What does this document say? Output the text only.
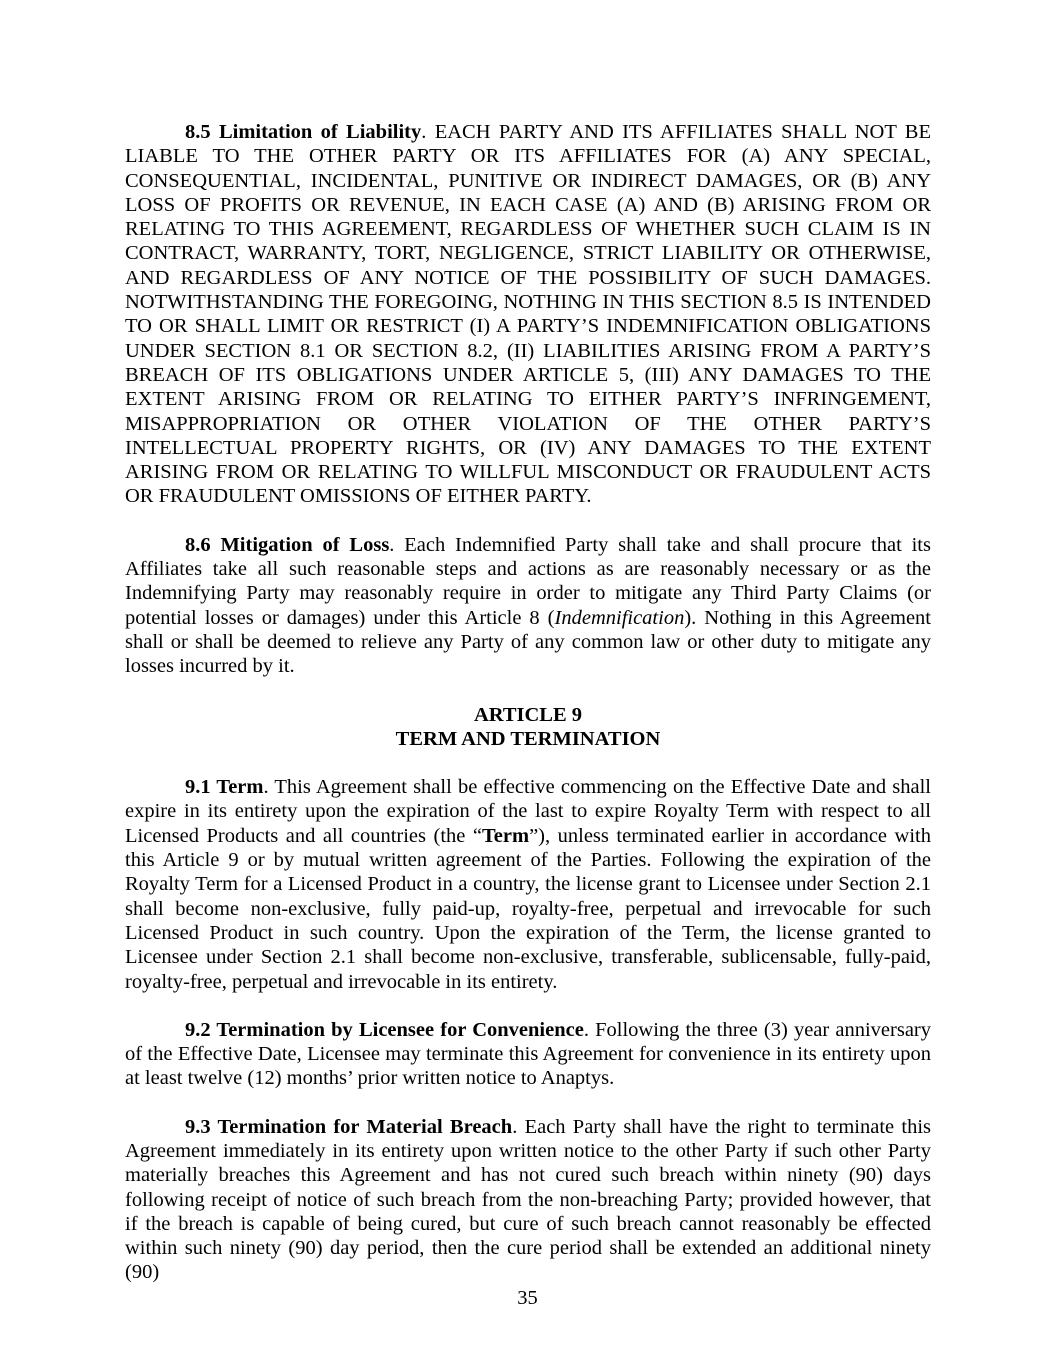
8.5 Limitation of Liability. EACH PARTY AND ITS AFFILIATES SHALL NOT BE LIABLE TO THE OTHER PARTY OR ITS AFFILIATES FOR (A) ANY SPECIAL, CONSEQUENTIAL, INCIDENTAL, PUNITIVE OR INDIRECT DAMAGES, OR (B) ANY LOSS OF PROFITS OR REVENUE, IN EACH CASE (A) AND (B) ARISING FROM OR RELATING TO THIS AGREEMENT, REGARDLESS OF WHETHER SUCH CLAIM IS IN CONTRACT, WARRANTY, TORT, NEGLIGENCE, STRICT LIABILITY OR OTHERWISE, AND REGARDLESS OF ANY NOTICE OF THE POSSIBILITY OF SUCH DAMAGES. NOTWITHSTANDING THE FOREGOING, NOTHING IN THIS SECTION 8.5 IS INTENDED TO OR SHALL LIMIT OR RESTRICT (I) A PARTY’S INDEMNIFICATION OBLIGATIONS UNDER SECTION 8.1 OR SECTION 8.2, (II) LIABILITIES ARISING FROM A PARTY’S BREACH OF ITS OBLIGATIONS UNDER ARTICLE 5, (III) ANY DAMAGES TO THE EXTENT ARISING FROM OR RELATING TO EITHER PARTY’S INFRINGEMENT, MISAPPROPRIATION OR OTHER VIOLATION OF THE OTHER PARTY’S INTELLECTUAL PROPERTY RIGHTS, OR (IV) ANY DAMAGES TO THE EXTENT ARISING FROM OR RELATING TO WILLFUL MISCONDUCT OR FRAUDULENT ACTS OR FRAUDULENT OMISSIONS OF EITHER PARTY.

8.6 Mitigation of Loss. Each Indemnified Party shall take and shall procure that its Affiliates take all such reasonable steps and actions as are reasonably necessary or as the Indemnifying Party may reasonably require in order to mitigate any Third Party Claims (or potential losses or damages) under this Article 8 (Indemnification). Nothing in this Agreement shall or shall be deemed to relieve any Party of any common law or other duty to mitigate any losses incurred by it.

ARTICLE 9

TERM AND TERMINATION

9.1 Term. This Agreement shall be effective commencing on the Effective Date and shall expire in its entirety upon the expiration of the last to expire Royalty Term with respect to all Licensed Products and all countries (the “Term”), unless terminated earlier in accordance with this Article 9 or by mutual written agreement of the Parties. Following the expiration of the Royalty Term for a Licensed Product in a country, the license grant to Licensee under Section 2.1 shall become non-exclusive, fully paid-up, royalty-free, perpetual and irrevocable for such Licensed Product in such country. Upon the expiration of the Term, the license granted to Licensee under Section 2.1 shall become non-exclusive, transferable, sublicensable, fully-paid, royalty-free, perpetual and irrevocable in its entirety.

9.2 Termination by Licensee for Convenience. Following the three (3) year anniversary of the Effective Date, Licensee may terminate this Agreement for convenience in its entirety upon at least twelve (12) months’ prior written notice to Anaptys.

9.3 Termination for Material Breach. Each Party shall have the right to terminate this Agreement immediately in its entirety upon written notice to the other Party if such other Party materially breaches this Agreement and has not cured such breach within ninety (90) days following receipt of notice of such breach from the non-breaching Party; provided however, that if the breach is capable of being cured, but cure of such breach cannot reasonably be effected within such ninety (90) day period, then the cure period shall be extended an additional ninety (90)

35
